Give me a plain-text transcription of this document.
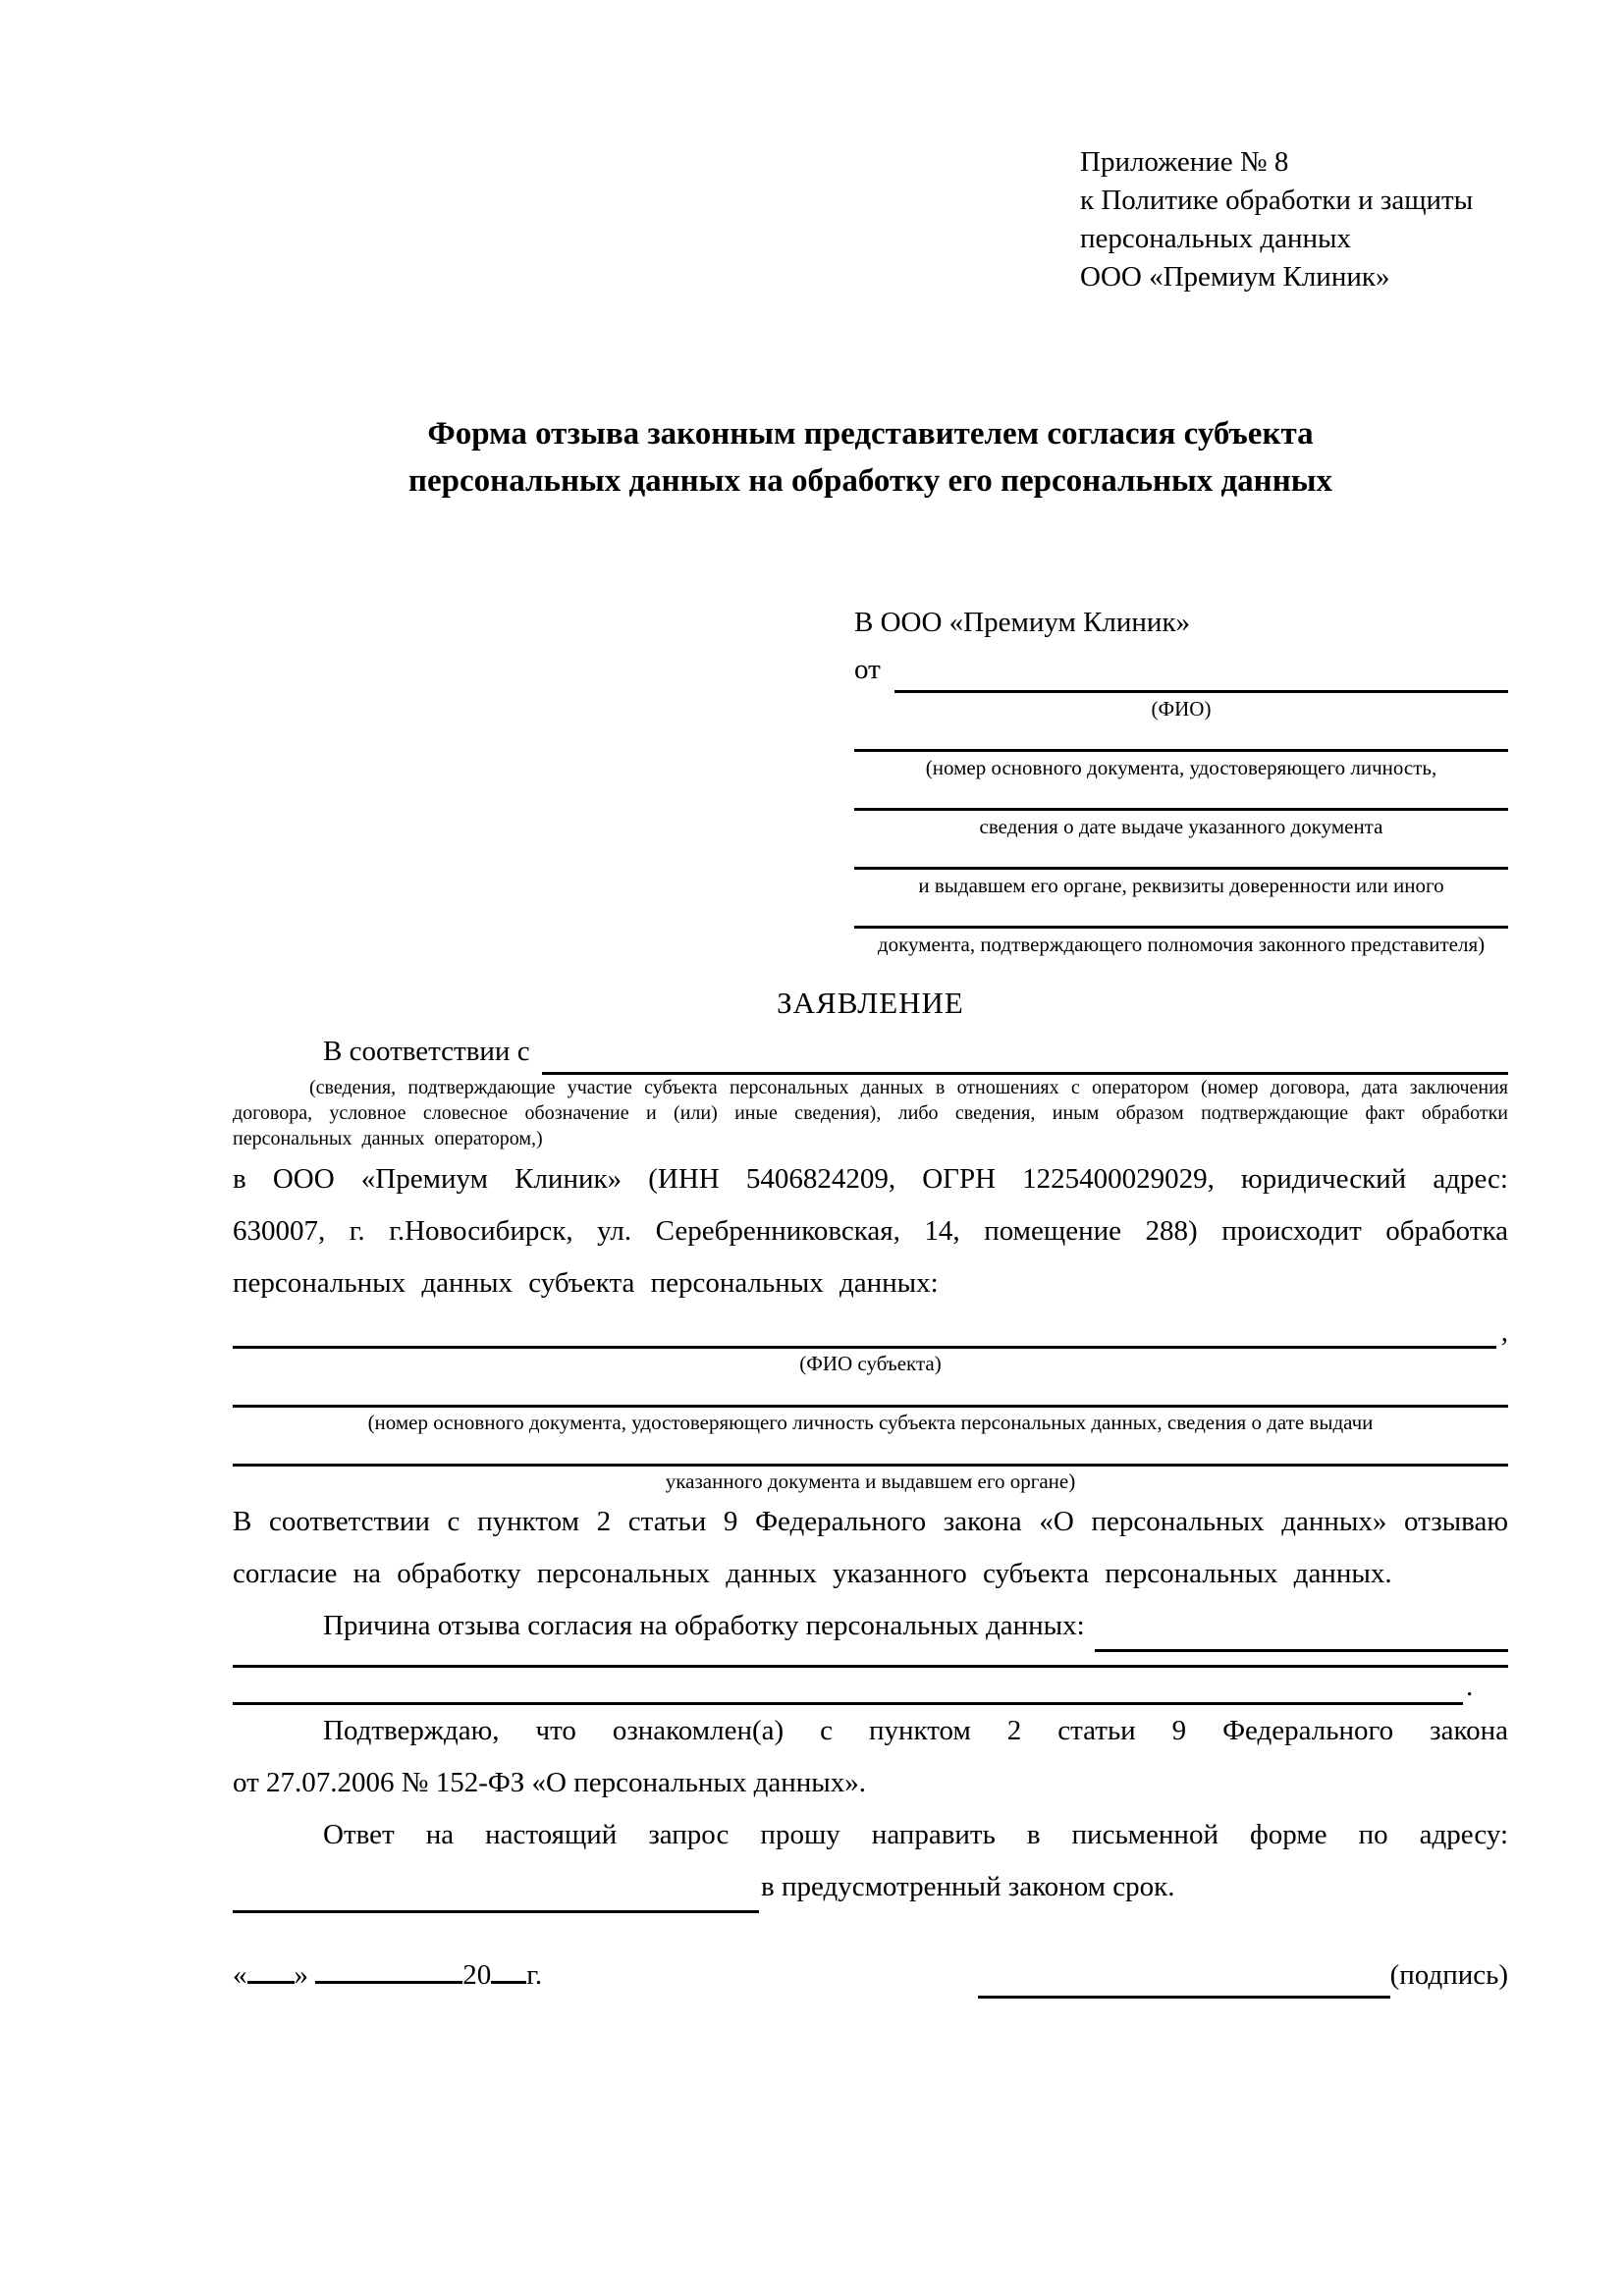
Приложение № 8
к Политике обработки и защиты
персональных данных
ООО «Премиум Клиник»
Форма отзыва законным представителем согласия субъекта персональных данных на обработку его персональных данных
В ООО «Премиум Клиник»
от
(ФИО)
(номер основного документа, удостоверяющего личность,
сведения о дате выдаче указанного документа
и выдавшем его органе, реквизиты доверенности или иного
документа, подтверждающего полномочия законного представителя)
ЗАЯВЛЕНИЕ
В соответствии с
(сведения, подтверждающие участие субъекта персональных данных в отношениях с оператором (номер договора, дата заключения договора, условное словесное обозначение и (или) иные сведения), либо сведения, иным образом подтверждающие факт обработки персональных данных оператором,)
в ООО «Премиум Клиник» (ИНН 5406824209, ОГРН 1225400029029, юридический адрес: 630007, г. г.Новосибирск, ул. Серебренниковская, 14, помещение 288) происходит обработка персональных данных субъекта персональных данных:
,
(ФИО субъекта)
(номер основного документа, удостоверяющего личность субъекта персональных данных, сведения о дате выдачи
указанного документа и выдавшем его органе)
В соответствии с пунктом 2 статьи 9 Федерального закона «О персональных данных» отзываю согласие на обработку персональных данных указанного субъекта персональных данных.
Причина отзыва согласия на обработку персональных данных:
.
Подтверждаю, что ознакомлен(а) с пунктом 2 статьи 9 Федерального закона
от 27.07.2006 № 152-ФЗ «О персональных данных».
Ответ на настоящий запрос прошу направить в письменной форме по адресу:
в предусмотренный законом срок.
« »	20 г.	(подпись)
